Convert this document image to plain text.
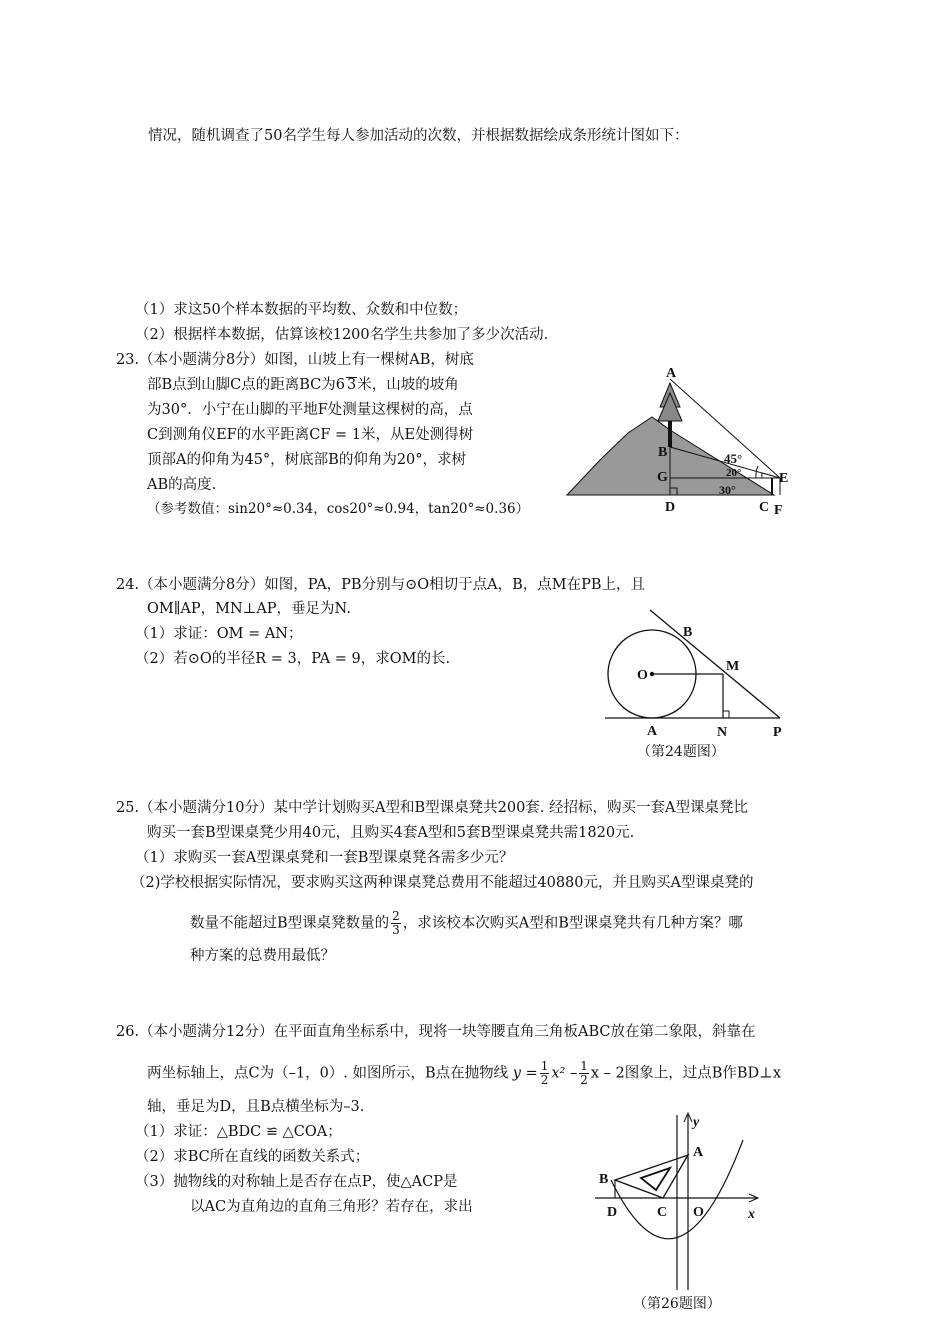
情况，随机调查了50名学生每人参加活动的次数，并根据数据绘成条形统计图如下：
（1）求这50个样本数据的平均数、众数和中位数；
（2）根据样本数据，估算该校1200名学生共参加了多少次活动.
23.（本小题满分8分）如图，山坡上有一棵树AB，树底
部B点到山脚C点的距离BC为6 3米，山坡的坡角
为30°．小宁在山脚的平地F处测量这棵树的高，点
C到测角仪EF的水平距离CF = 1米，从E处测得树
顶部A的仰角为45°，树底部B的仰角为20°，求树
AB的高度.
（参考数值：sin20°≈0.34，cos20°≈0.94，tan20°≈0.36）
A
B
G
D	C F
E
45°
20°
30°
24.（本小题满分8分）如图，PA，PB分别与⊙O相切于点A，B，点M在PB上，且
OM∥AP，MN⊥AP，垂足为N.
（1）求证：OM = AN；
（2）若⊙O的半径R = 3，PA = 9，求OM的长.
O
A
B
M
N	P
（第24题图）
25.（本小题满分10分）某中学计划购买A型和B型课桌凳共200套. 经招标，购买一套A型课桌凳比
购买一套B型课桌凳少用40元，且购买4套A型和5套B型课桌凳共需1820元.
（1）求购买一套A型课桌凳和一套B型课桌凳各需多少元？
（2)学校根据实际情况，要求购买这两种课桌凳总费用不能超过40880元，并且购买A型课桌凳的
数量不能超过B型课桌凳数量的 $\frac{2}{3}$ ，求该校本次购买A型和B型课桌凳共有几种方案？哪
种方案的总费用最低？
26.（本小题满分12分）在平面直角坐标系中，现将一块等腰直角三角板ABC放在第二象限，斜靠在
两坐标轴上，点C为（–1，0）. 如图所示，B点在抛物线 $y = \frac{1}{2} x^2 - \frac{1}{2}$ x – 2图象上，过点B作BD⊥x
轴，垂足为D，且B点横坐标为–3.
（1）求证：△BDC ≌ △COA；
（2）求BC所在直线的函数关系式；
（3）抛物线的对称轴上是否存在点P，使△ACP是
以AC为直角边的直角三角形？若存在，求出
y
x
A
B
D	C O
（第26题图）
